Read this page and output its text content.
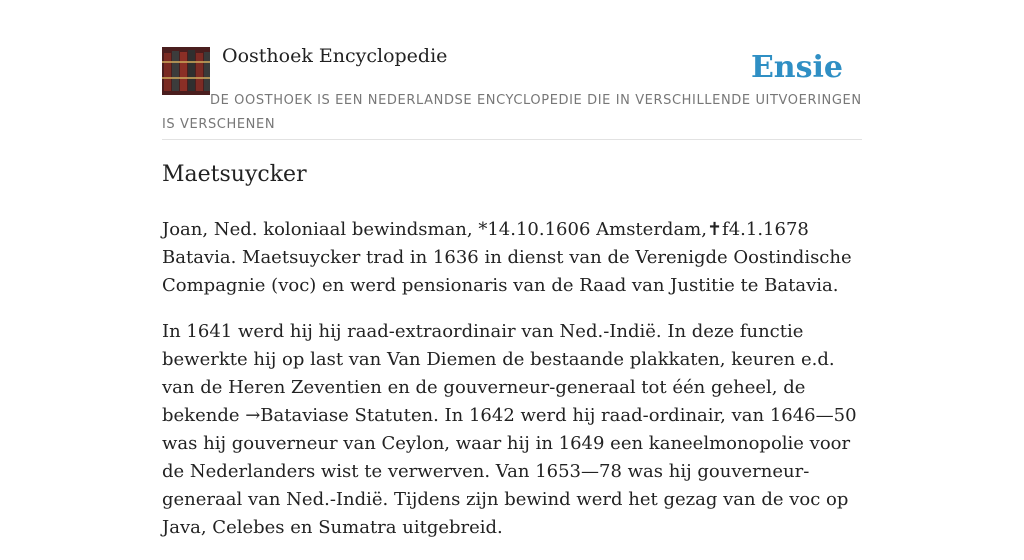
Oosthoek Encyclopedie	Ensie
DE OOSTHOEK IS EEN NEDERLANDSE ENCYCLOPEDIE DIE IN VERSCHILLENDE UITVOERINGEN IS VERSCHENEN
Maetsuycker

Joan, Ned. koloniaal bewindsman, *14.10.1606 Amsterdam,✝f4.1.1678 Batavia. Maetsuycker trad in 1636 in dienst van de Verenigde Oostindische Compagnie (voc) en werd pensionaris van de Raad van Justitie te Batavia.

In 1641 werd hij hij raad-extraordinair van Ned.-Indië. In deze functie bewerkte hij op last van Van Diemen de bestaande plakkaten, keuren e.d. van de Heren Zeventien en de gouverneur-generaal tot één geheel, de bekende →Bataviase Statuten. In 1642 werd hij raad-ordinair, van 1646—50 was hij gouverneur van Ceylon, waar hij in 1649 een kaneelmonopolie voor de Nederlanders wist te verwerven. Van 1653—78 was hij gouverneur-generaal van Ned.-Indië. Tijdens zijn bewind werd het gezag van de voc op Java, Celebes en Sumatra uitgebreid.
